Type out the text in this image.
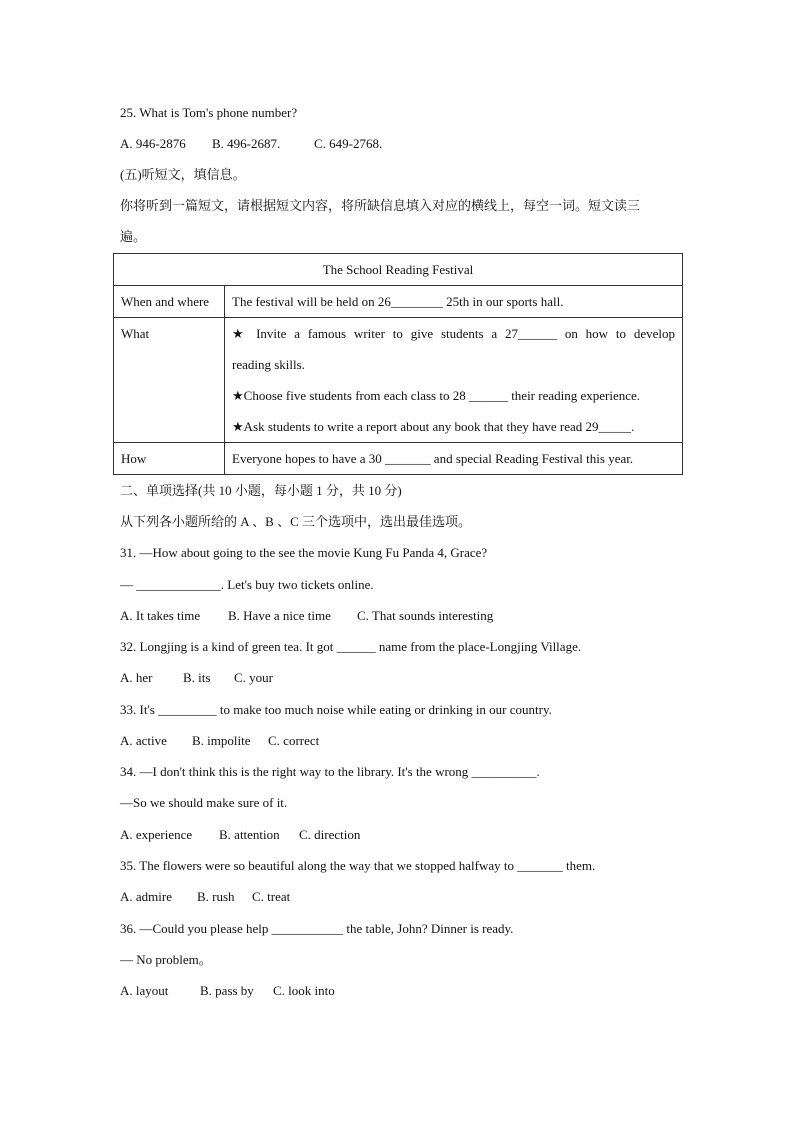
25. What is Tom's phone number?
A. 946-2876 B. 496-2687.	C. 649-2768.
(五)听短文，填信息。
你将听到一篇短文，请根据短文内容，将所缺信息填入对应的横线上，每空一词。短文读三
遍。
The School Reading Festival	
When and where	The festival will be held on 26________ 25th in our sports hall.
What	★ Invite a famous writer to give students a 27______ on how to develop
reading skills.
★Choose five students from each class to 28 ______ their reading experience.
★Ask students to write a report about any book that they have read 29_____.

How	Everyone hopes to have a 30 _______ and special Reading Festival this year.
二、单项选择(共 10 小题，每小题 1 分，共 10 分)
从下列各小题所给的 A 、B 、C 三个选项中，选出最佳选项。
31. —How about going to the see the movie Kung Fu Panda 4, Grace?
— _____________. Let's buy two tickets online.
A. It takes time B. Have a nice time C. That sounds interesting
32. Longjing is a kind of green tea. It got ______ name from the place-Longjing Village.
A. her B. its C. your
33. It's _________ to make too much noise while eating or drinking in our country.
A. active B. impolite C. correct
34. —I don't think this is the right way to the library. It's the wrong __________.
—So we should make sure of it.
A. experience B. attention C. direction
35. The flowers were so beautiful along the way that we stopped halfway to _______ them.
A. admire B. rush C. treat
36. —Could you please help ___________ the table, John? Dinner is ready.
— No problem。
A. layout B. pass by C. look into
